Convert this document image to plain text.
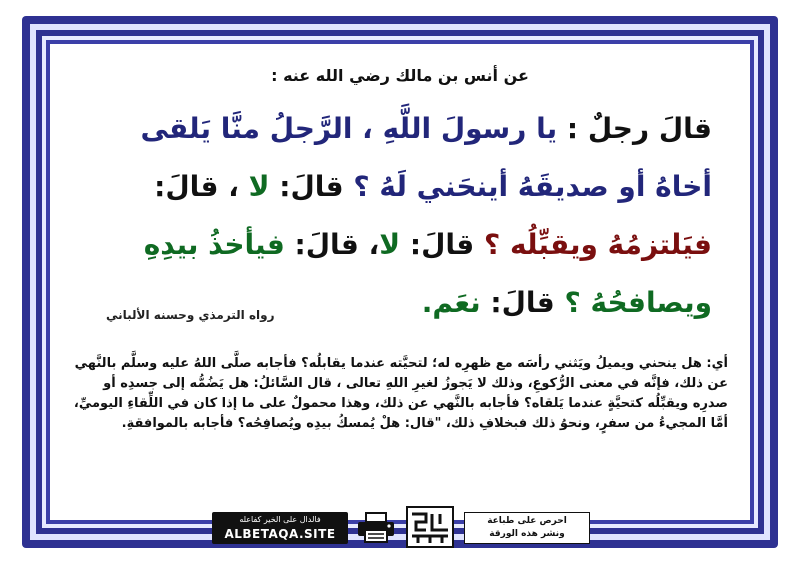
عن أنس بن مالك رضي الله عنه :
قالَ رجلٌ : يا رسولَ اللَّهِ ، الرَّجلُ منَّا يَلقى
أخاهُ أو صديقَهُ أينحَني لَهُ ؟ قالَ: لا ، قالَ:
فيَلتزمُهُ ويقبِّلُه ؟ قالَ: لا، قالَ: فيأخذُ بيدِهِ
ويصافحُهُ ؟ قالَ: نعَم.
رواه الترمذي وحسنه الألباني
أي: هل ينحني ويميلُ ويَثني رأسَه مع ظهرِه له؛ لتحيَّته عندما يقابلُه؟ فأجابه صلَّى اللهُ عليه وسلَّم بالنَّهي عن ذلك، فإنَّه في معنى الرُّكوعِ، وذلك لا يَجوزُ لغيرِ اللهِ تعالى ، قال السَّائلُ: هل يَضُمُّه إلى جسدِه أو صدرِه ويقبِّلُه كتحيَّةٍ عندما يَلقاه؟ فأجابه بالنَّهي عن ذلك، وهذا محمولٌ على ما إذا كان في اللِّقاءِ اليوميِّ، أمَّا المجيءُ من سفرٍ، ونحوُ ذلك فبخلافِ ذلك، "قال: هلْ يُمسكُ بيدِه ويُصافِحُه؟ فأجابه بالموافقةِ.
فالدال على الخير كفاعله
ALBETAQA.SITE
احرص على طباعة
ونشر هذه الورقة
